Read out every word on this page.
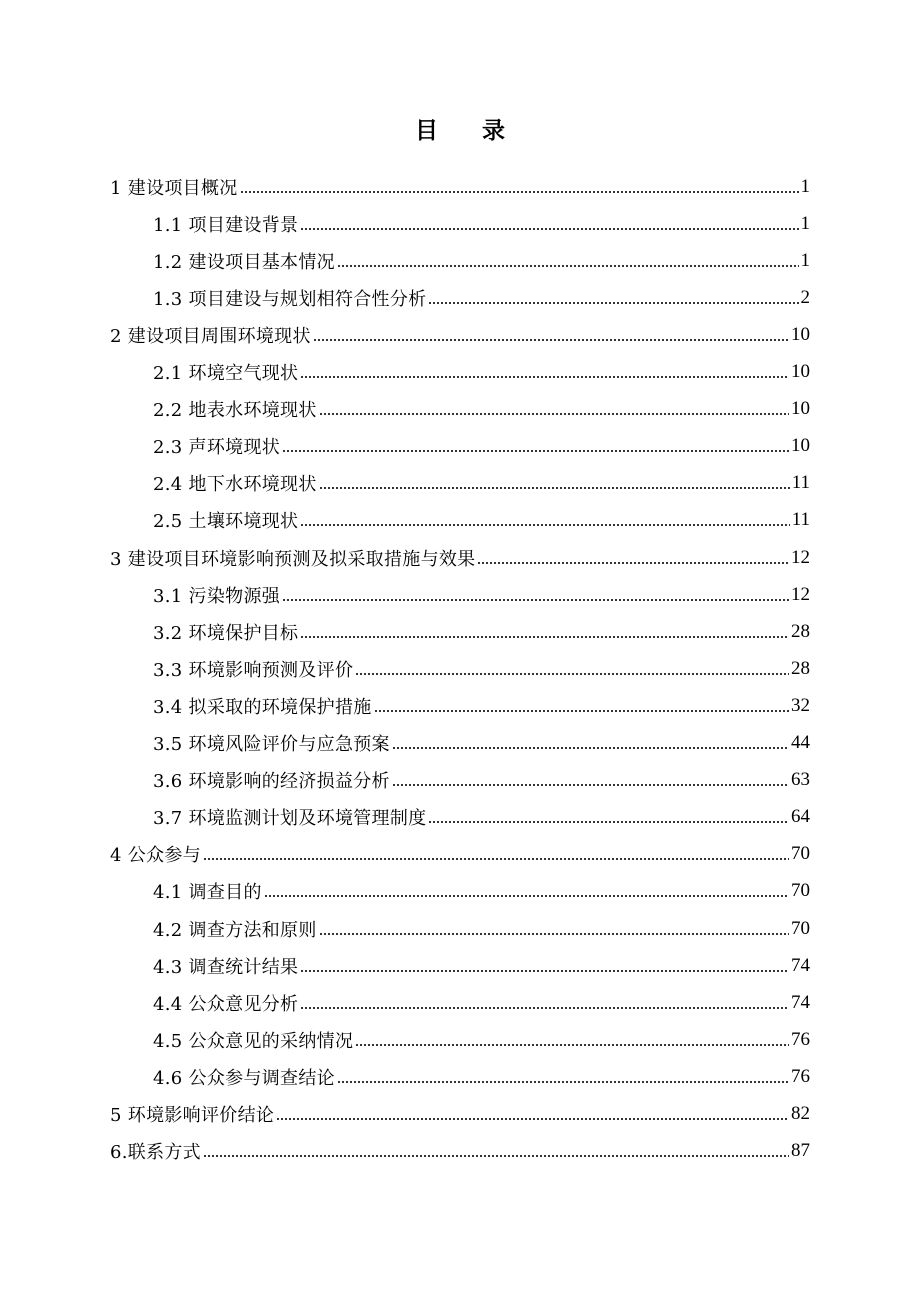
目 录
1 建设项目概况	1
1.1 项目建设背景	1
1.2 建设项目基本情况	1
1.3 项目建设与规划相符合性分析	2
2 建设项目周围环境现状	10
2.1 环境空气现状	10
2.2 地表水环境现状	10
2.3 声环境现状	10
2.4 地下水环境现状	11
2.5 土壤环境现状	11
3 建设项目环境影响预测及拟采取措施与效果	12
3.1 污染物源强	12
3.2 环境保护目标	28
3.3 环境影响预测及评价	28
3.4 拟采取的环境保护措施	32
3.5 环境风险评价与应急预案	44
3.6 环境影响的经济损益分析	63
3.7 环境监测计划及环境管理制度	64
4 公众参与	70
4.1 调查目的	70
4.2 调查方法和原则	70
4.3 调查统计结果	74
4.4 公众意见分析	74
4.5 公众意见的采纳情况	76
4.6 公众参与调查结论	76
5 环境影响评价结论	82
6.联系方式	87
